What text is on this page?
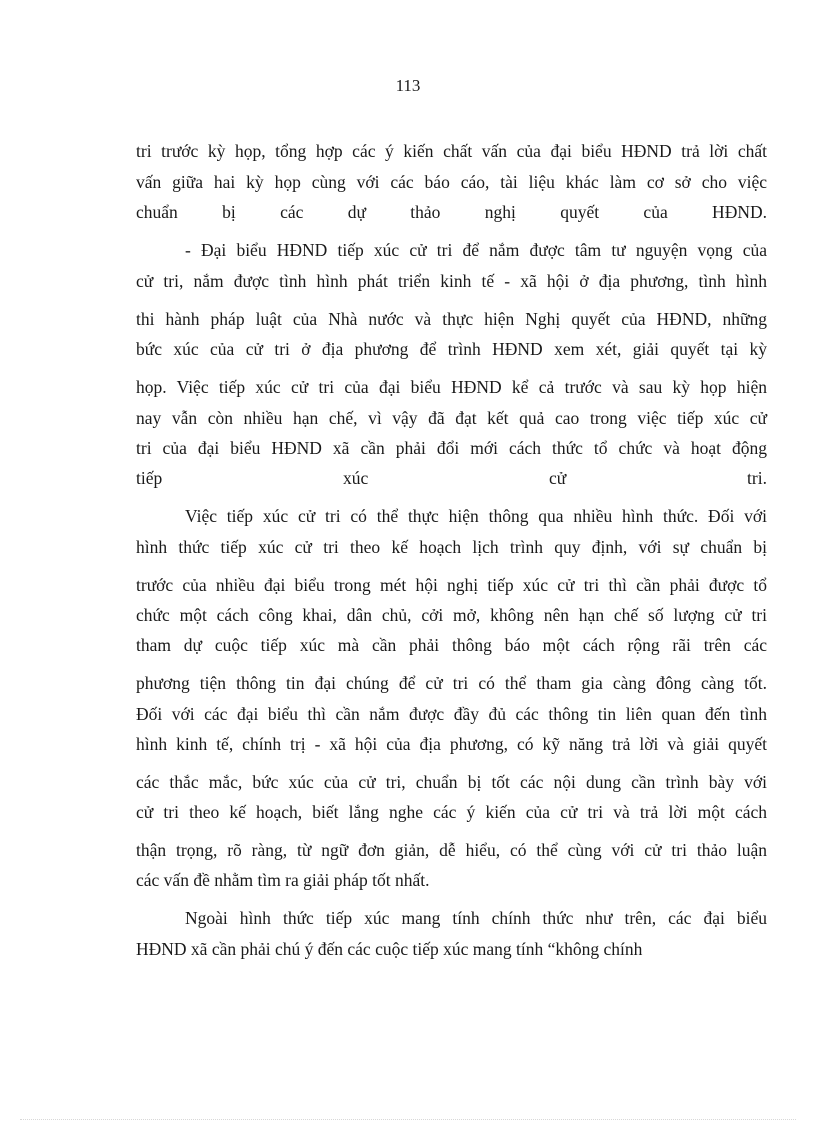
113
tri trước kỳ họp, tổng hợp các ý kiến chất vấn của đại biểu HĐND trả lời chất
vấn giữa hai kỳ họp cùng với các báo cáo, tài liệu khác làm cơ sở cho việc
chuẩn bị các dự thảo nghị quyết của HĐND.
- Đại biểu HĐND tiếp xúc cử tri để nắm được tâm tư nguyện vọng của
cử tri, nắm được tình hình phát triển kinh tế - xã hội ở địa phương, tình hình
thi hành pháp luật của Nhà nước và thực hiện Nghị quyết của HĐND, những
bức xúc của cử tri ở địa phương để trình HĐND xem xét, giải quyết tại kỳ
họp. Việc tiếp xúc cử tri của đại biểu HĐND kể cả trước và sau kỳ họp hiện
nay vẫn còn nhiều hạn chế, vì vậy đã đạt kết quả cao trong việc tiếp xúc cử
tri của đại biểu HĐND xã cần phải đổi mới cách thức tổ chức và hoạt động
tiếp xúc cử tri.
Việc tiếp xúc cử tri có thể thực hiện thông qua nhiều hình thức. Đối với
hình thức tiếp xúc cử tri theo kế hoạch lịch trình quy định, với sự chuẩn bị
trước của nhiều đại biểu trong mét hội nghị tiếp xúc cử tri thì cần phải được tổ
chức một cách công khai, dân chủ, cởi mở, không nên hạn chế số lượng cử tri
tham dự cuộc tiếp xúc mà cần phải thông báo một cách rộng rãi trên các
phương tiện thông tin đại chúng để cử tri có thể tham gia càng đông càng tốt.
Đối với các đại biểu thì cần nắm được đầy đủ các thông tin liên quan đến tình
hình kinh tế, chính trị - xã hội của địa phương, có kỹ năng trả lời và giải quyết
các thắc mắc, bức xúc của cử tri, chuẩn bị tốt các nội dung cần trình bày với
cử tri theo kế hoạch, biết lắng nghe các ý kiến của cử tri và trả lời một cách
thận trọng, rõ ràng, từ ngữ đơn giản, dễ hiểu, có thể cùng với cử tri thảo luận
các vấn đề nhằm tìm ra giải pháp tốt nhất.
Ngoài hình thức tiếp xúc mang tính chính thức như trên, các đại biểu
HĐND xã cần phải chú ý đến các cuộc tiếp xúc mang tính “không chính
